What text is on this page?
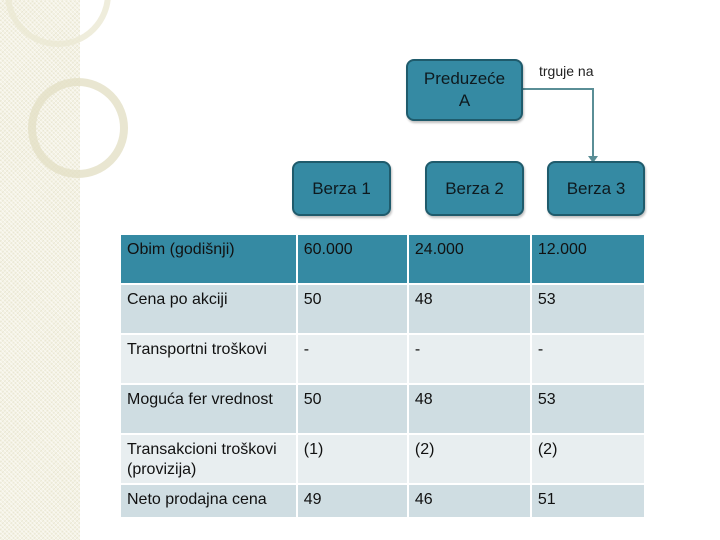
Preduzeće
A
trguje na
Berza 1	Berza 2	Berza 3
Obim (godišnji)	60.000	24.000	12.000
Cena po akciji	50	48	53
Transportni troškovi	-	-	-
Moguća fer vrednost	50	48	53
Transakcioni troškovi (provizija)	(1)	(2)	(2)
Neto prodajna cena	49	46	51
